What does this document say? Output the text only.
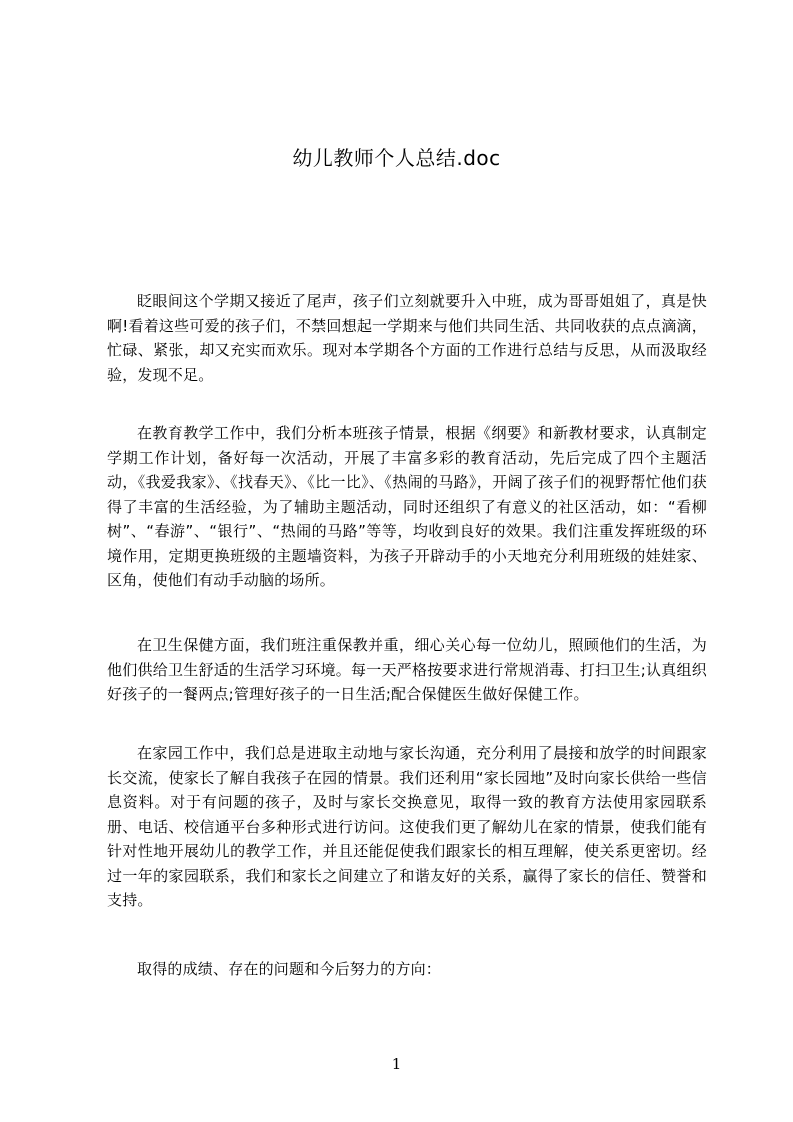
幼儿教师个人总结.doc

眨眼间这个学期又接近了尾声，孩子们立刻就要升入中班，成为哥哥姐姐了，真是快啊!看着这些可爱的孩子们，不禁回想起一学期来与他们共同生活、共同收获的点点滴滴，忙碌、紧张，却又充实而欢乐。现对本学期各个方面的工作进行总结与反思，从而汲取经验，发现不足。

在教育教学工作中，我们分析本班孩子情景，根据《纲要》和新教材要求，认真制定学期工作计划，备好每一次活动，开展了丰富多彩的教育活动，先后完成了四个主题活动，《我爱我家》、《找春天》、《比一比》、《热闹的马路》，开阔了孩子们的视野帮忙他们获得了丰富的生活经验，为了辅助主题活动，同时还组织了有意义的社区活动，如：“看柳树”、“春游”、“银行”、“热闹的马路”等等，均收到良好的效果。我们注重发挥班级的环境作用，定期更换班级的主题墙资料，为孩子开辟动手的小天地充分利用班级的娃娃家、区角，使他们有动手动脑的场所。

在卫生保健方面，我们班注重保教并重，细心关心每一位幼儿，照顾他们的生活，为他们供给卫生舒适的生活学习环境。每一天严格按要求进行常规消毒、打扫卫生;认真组织好孩子的一餐两点;管理好孩子的一日生活;配合保健医生做好保健工作。

在家园工作中，我们总是进取主动地与家长沟通，充分利用了晨接和放学的时间跟家长交流，使家长了解自我孩子在园的情景。我们还利用“家长园地”及时向家长供给一些信息资料。对于有问题的孩子，及时与家长交换意见，取得一致的教育方法使用家园联系册、电话、校信通平台多种形式进行访问。这使我们更了解幼儿在家的情景，使我们能有针对性地开展幼儿的教学工作，并且还能促使我们跟家长的相互理解，使关系更密切。经过一年的家园联系，我们和家长之间建立了和谐友好的关系，赢得了家长的信任、赞誉和支持。

取得的成绩、存在的问题和今后努力的方向：

1
